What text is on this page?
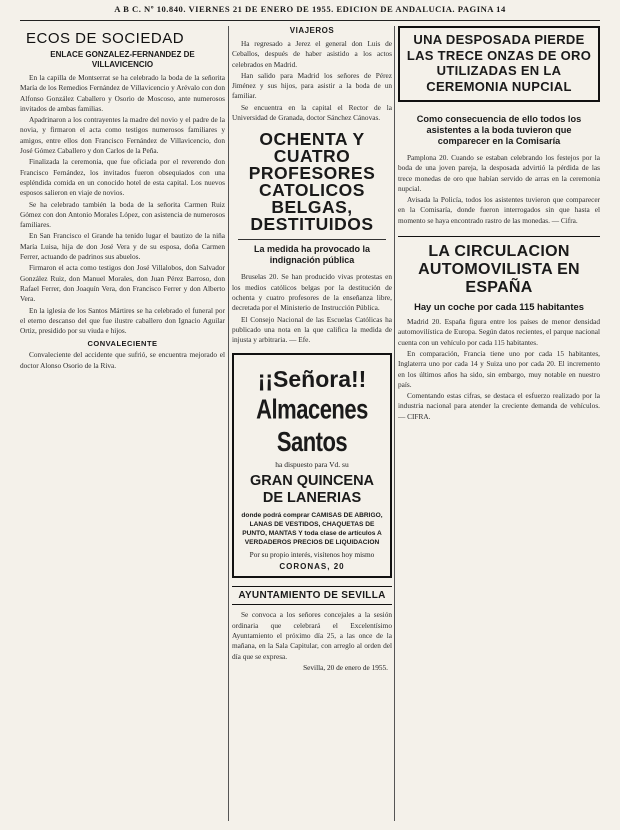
A B C. Nº 10.840. VIERNES 21 DE ENERO DE 1955. EDICION DE ANDALUCIA. PAGINA 14
ECOS DE SOCIEDAD
ENLACE GONZALEZ-FERNANDEZ DE VILLAVICENCIO

En la capilla de Montserrat se ha celebrado la boda de la señorita María de los Remedios Fernández de Villavicencio y Arévalo con don Alfonso González Caballero y Osorio de Moscoso, ante numerosos invitados de ambas familias.

Apadrinaron a los contrayentes la madre del novio y el padre de la novia, y firmaron el acta como testigos numerosos familiares y amigos, entre ellos don Francisco Fernández de Villavicencio, don José Gómez Caballero y don Carlos de la Peña.

Finalizada la ceremonia, que fue oficiada por el reverendo don Francisco Fernández, los invitados fueron obsequiados con una espléndida comida en un conocido hotel de esta capital. Los nuevos esposos salieron en viaje de novios.

Se ha celebrado también la boda de la señorita Carmen Ruiz Gómez con don Antonio Morales López, con asistencia de numerosos familiares.

En San Francisco el Grande ha tenido lugar el bautizo de la niña María Luisa, hija de don José Vera y de su esposa, doña Carmen Ferrer, actuando de padrinos sus abuelos.

Firmaron el acta como testigos don José Villalobos, don Salvador González Ruiz, don Manuel Morales, don Juan Pérez Barroso, don Rafael Ferrer, don Joaquín Vera, don Francisco Ferrer y don Alberto Vera.

En la iglesia de los Santos Mártires se ha celebrado el funeral por el eterno descanso del que fue ilustre caballero don Ignacio Aguilar Ortiz, presidido por su viuda e hijos.

CONVALECIENTE

Convaleciente del accidente que sufrió, se encuentra mejorado el doctor Alonso Osorio de la Riva.

VIAJEROS

Ha regresado a Jerez el general don Luis de Ceballos, después de haber asistido a los actos celebrados en Madrid.

Han salido para Madrid los señores de Pérez Jiménez y sus hijos, para asistir a la boda de un familiar.

Se encuentra en la capital el Rector de la Universidad de Granada, doctor Sánchez Cánovas.

OCHENTA Y CUATRO PROFESORES CATOLICOS BELGAS, DESTITUIDOS
La medida ha provocado la indignación pública

Bruselas 20. Se han producido vivas protestas en los medios católicos belgas por la destitución de ochenta y cuatro profesores de la enseñanza libre, decretada por el Ministerio de Instrucción Pública.

El Consejo Nacional de las Escuelas Católicas ha publicado una nota en la que califica la medida de injusta y arbitraria. — Efe.

¡¡Señora!!
Almacenes Santos
ha dispuesto para Vd. su
GRAN QUINCENA
DE LANERIAS
donde podrá comprar CAMISAS DE ABRIGO, LANAS DE VESTIDOS, CHAQUETAS DE PUNTO, MANTAS Y toda clase de artículos A VERDADEROS PRECIOS DE LIQUIDACION
Por su propio interés, visítenos hoy mismo
CORONAS, 20
AYUNTAMIENTO DE SEVILLA

Se convoca a los señores concejales a la sesión ordinaria que celebrará el Excelentísimo Ayuntamiento el próximo día 25, a las once de la mañana, en la Sala Capitular, con arreglo al orden del día que se expresa.

Sevilla, 20 de enero de 1955.
UNA DESPOSADA PIERDE LAS TRECE ONZAS DE ORO UTILIZADAS EN LA CEREMONIA NUPCIAL
Como consecuencia de ello todos los asistentes a la boda tuvieron que comparecer en la Comisaría

Pamplona 20. Cuando se estaban celebrando los festejos por la boda de una joven pareja, la desposada advirtió la pérdida de las trece monedas de oro que habían servido de arras en la ceremonia nupcial.

Avisada la Policía, todos los asistentes tuvieron que comparecer en la Comisaría, donde fueron interrogados sin que hasta el momento se haya encontrado rastro de las monedas. — Cifra.

LA CIRCULACION AUTOMOVILISTA EN ESPAÑA
Hay un coche por cada 115 habitantes

Madrid 20. España figura entre los países de menor densidad automovilística de Europa. Según datos recientes, el parque nacional cuenta con un vehículo por cada 115 habitantes.

En comparación, Francia tiene uno por cada 15 habitantes, Inglaterra uno por cada 14 y Suiza uno por cada 20. El incremento en los últimos años ha sido, sin embargo, muy notable en nuestro país.

Comentando estas cifras, se destaca el esfuerzo realizado por la industria nacional para atender la creciente demanda de vehículos. — CIFRA.
